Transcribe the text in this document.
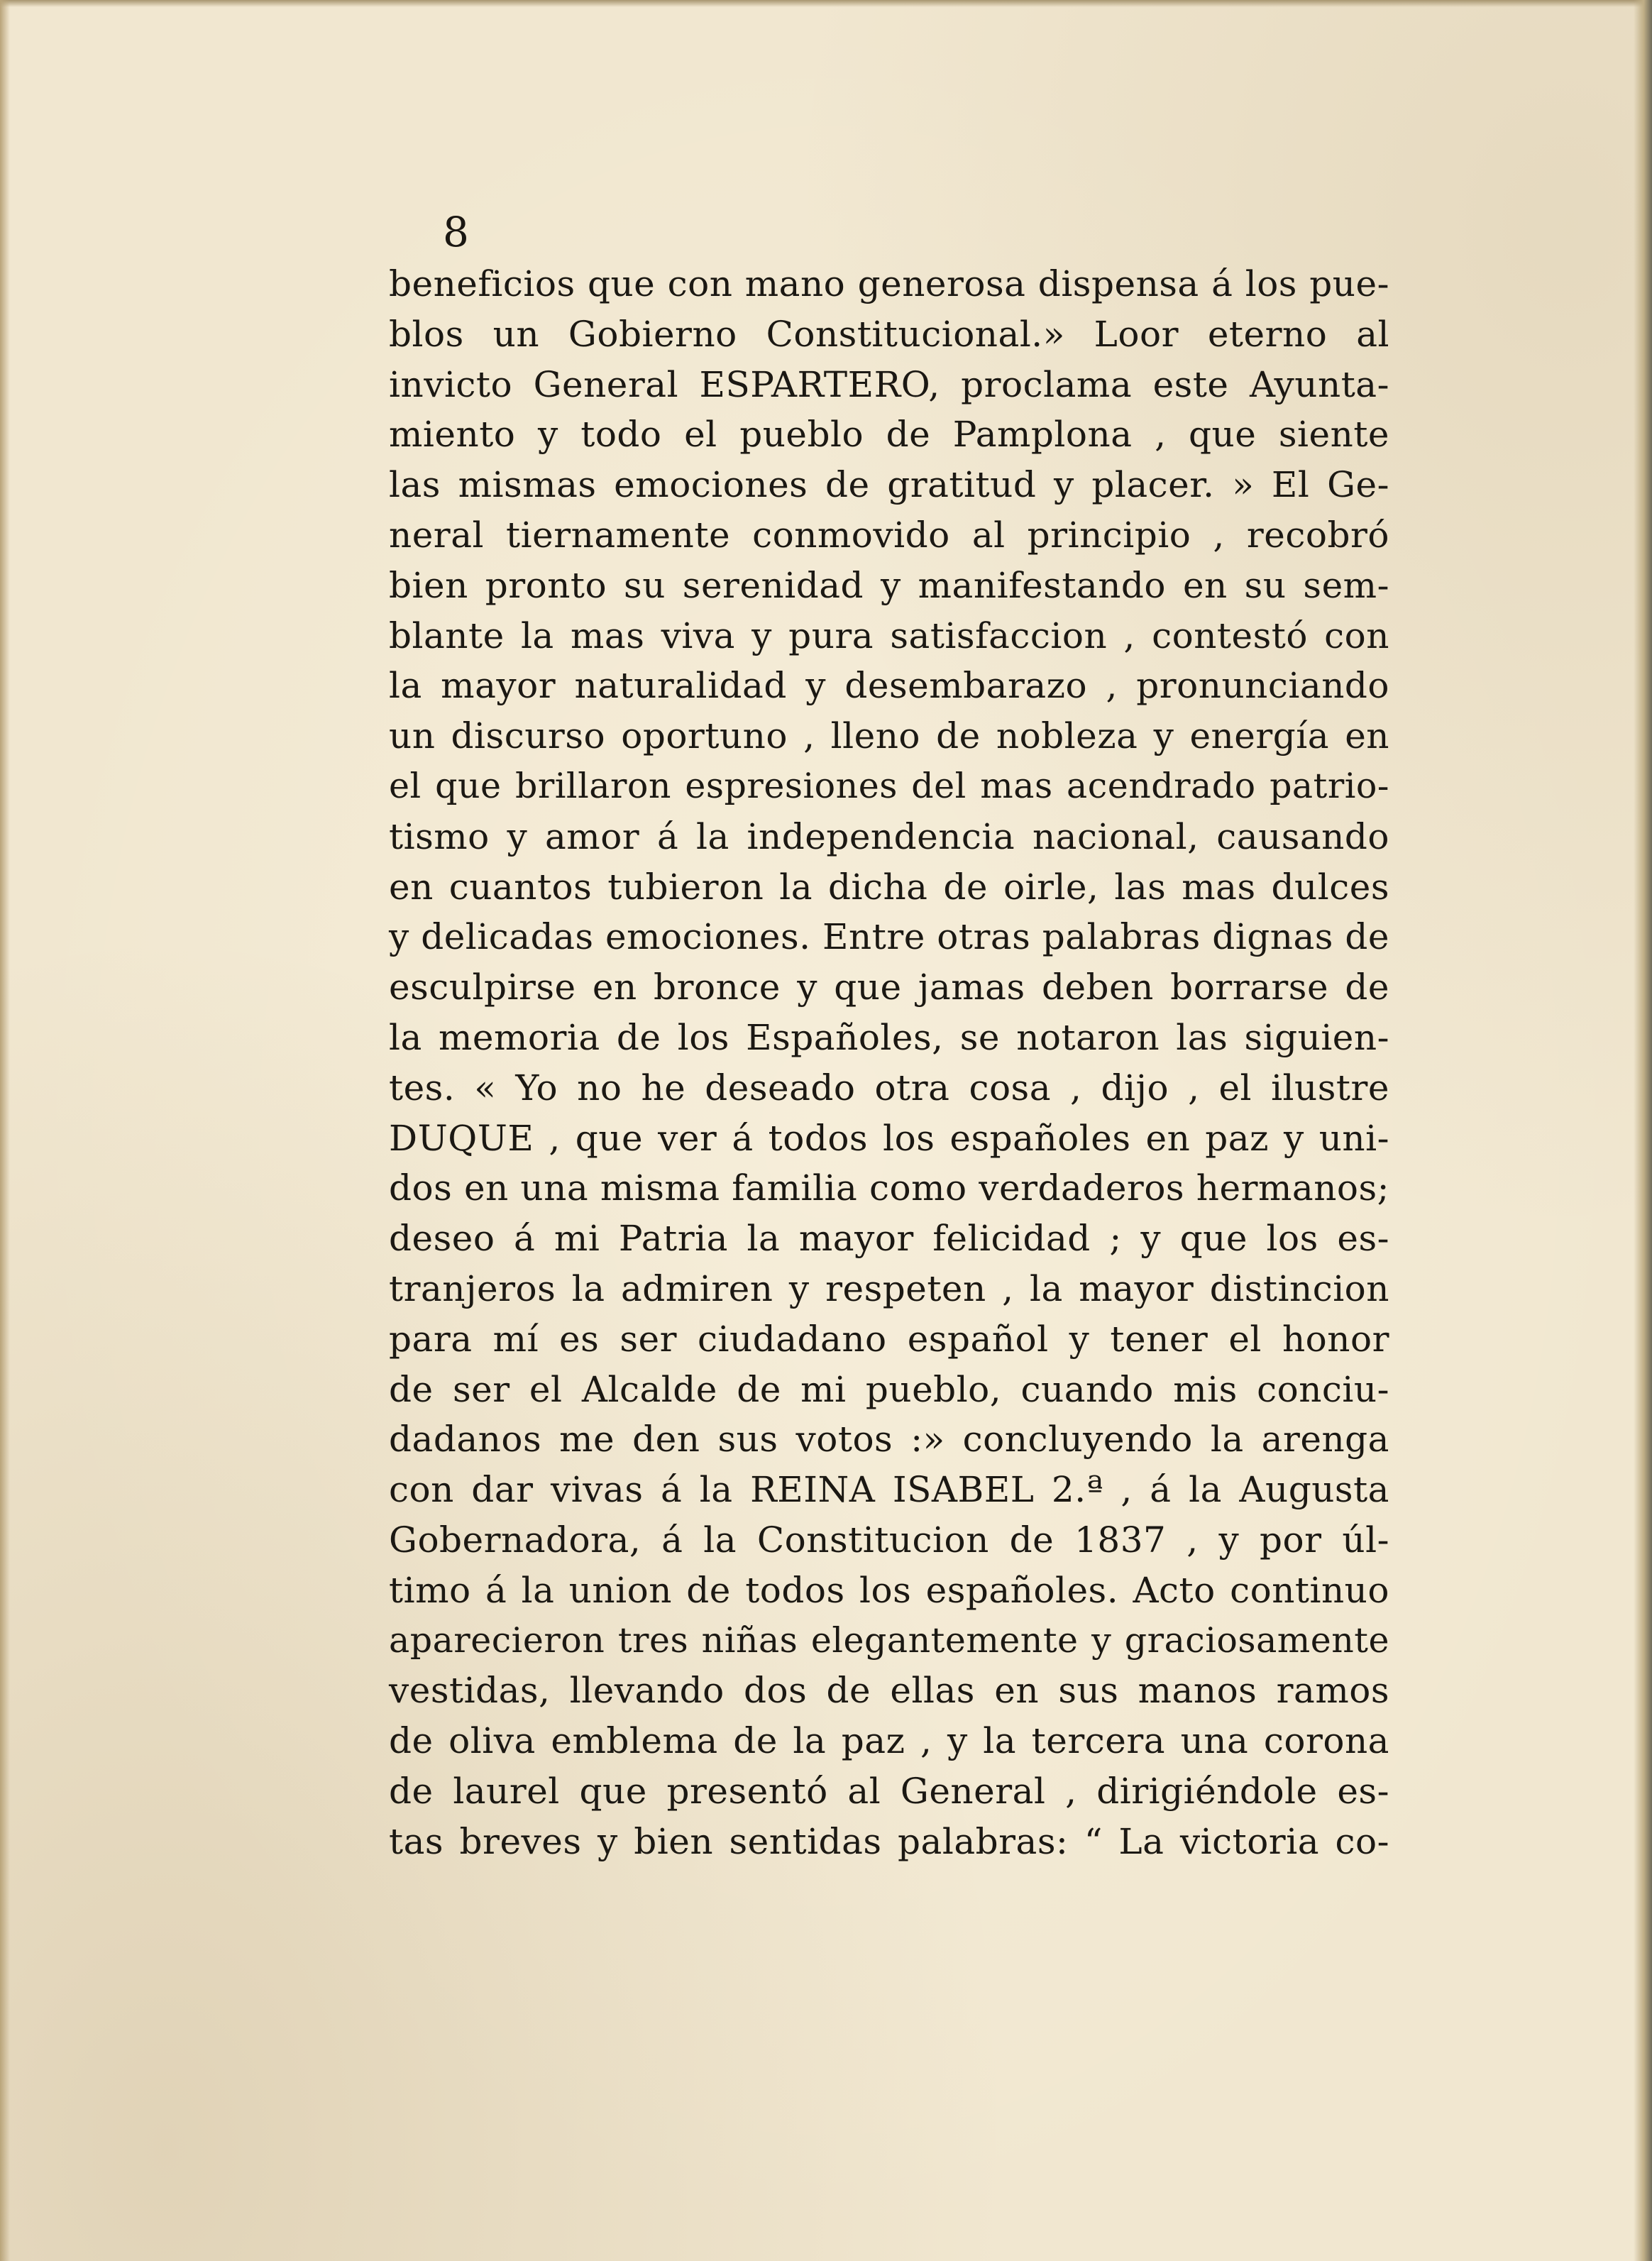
8
beneficios que con mano generosa dispensa á los pue-
blos un Gobierno Constitucional.» Loor eterno al
invicto General ESPARTERO, proclama este Ayunta-
miento y todo el pueblo de Pamplona , que siente
las mismas emociones de gratitud y placer. » El Ge-
neral tiernamente conmovido al principio , recobró
bien pronto su serenidad y manifestando en su sem-
blante la mas viva y pura satisfaccion , contestó con
la mayor naturalidad y desembarazo , pronunciando
un discurso oportuno , lleno de nobleza y energía en
el que brillaron espresiones del mas acendrado patrio-
tismo y amor á la independencia nacional, causando
en cuantos tubieron la dicha de oirle, las mas dulces
y delicadas emociones. Entre otras palabras dignas de
esculpirse en bronce y que jamas deben borrarse de
la memoria de los Españoles, se notaron las siguien-
tes. « Yo no he deseado otra cosa , dijo , el ilustre
DUQUE , que ver á todos los españoles en paz y uni-
dos en una misma familia como verdaderos hermanos;
deseo á mi Patria la mayor felicidad ; y que los es-
tranjeros la admiren y respeten , la mayor distincion
para mí es ser ciudadano español y tener el honor
de ser el Alcalde de mi pueblo, cuando mis conciu-
dadanos me den sus votos :» concluyendo la arenga
con dar vivas á la REINA ISABEL 2.ª , á la Augusta
Gobernadora, á la Constitucion de 1837 , y por úl-
timo á la union de todos los españoles. Acto continuo
aparecieron tres niñas elegantemente y graciosamente
vestidas, llevando dos de ellas en sus manos ramos
de oliva emblema de la paz , y la tercera una corona
de laurel que presentó al General , dirigiéndole es-
tas breves y bien sentidas palabras: “ La victoria co-
